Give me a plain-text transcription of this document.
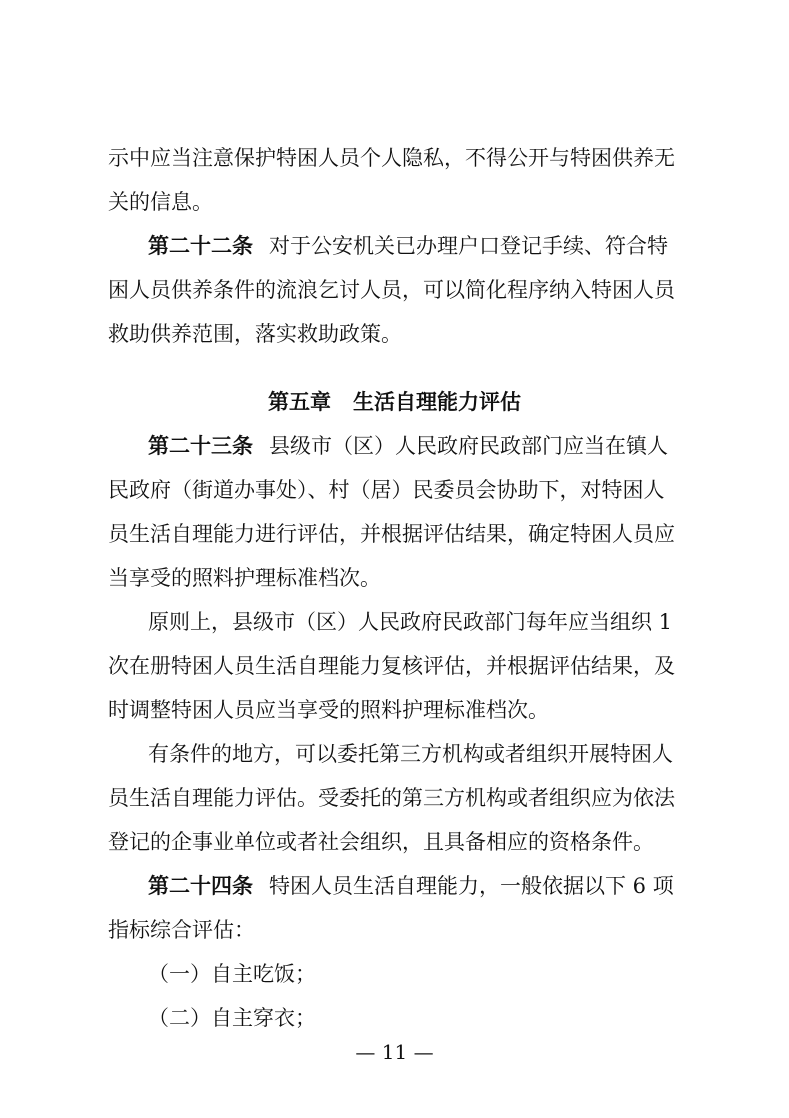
示中应当注意保护特困人员个人隐私，不得公开与特困供养无
关的信息。
第二十二条 对于公安机关已办理户口登记手续、符合特
困人员供养条件的流浪乞讨人员，可以简化程序纳入特困人员
救助供养范围，落实救助政策。
第五章 生活自理能力评估
第二十三条 县级市（区）人民政府民政部门应当在镇人
民政府（街道办事处）、村（居）民委员会协助下，对特困人
员生活自理能力进行评估，并根据评估结果，确定特困人员应
当享受的照料护理标准档次。
原则上，县级市（区）人民政府民政部门每年应当组织 1
次在册特困人员生活自理能力复核评估，并根据评估结果，及
时调整特困人员应当享受的照料护理标准档次。
有条件的地方，可以委托第三方机构或者组织开展特困人
员生活自理能力评估。受委托的第三方机构或者组织应为依法
登记的企事业单位或者社会组织，且具备相应的资格条件。
第二十四条 特困人员生活自理能力，一般依据以下 6 项
指标综合评估：
（一）自主吃饭；
（二）自主穿衣；
— 11 —
